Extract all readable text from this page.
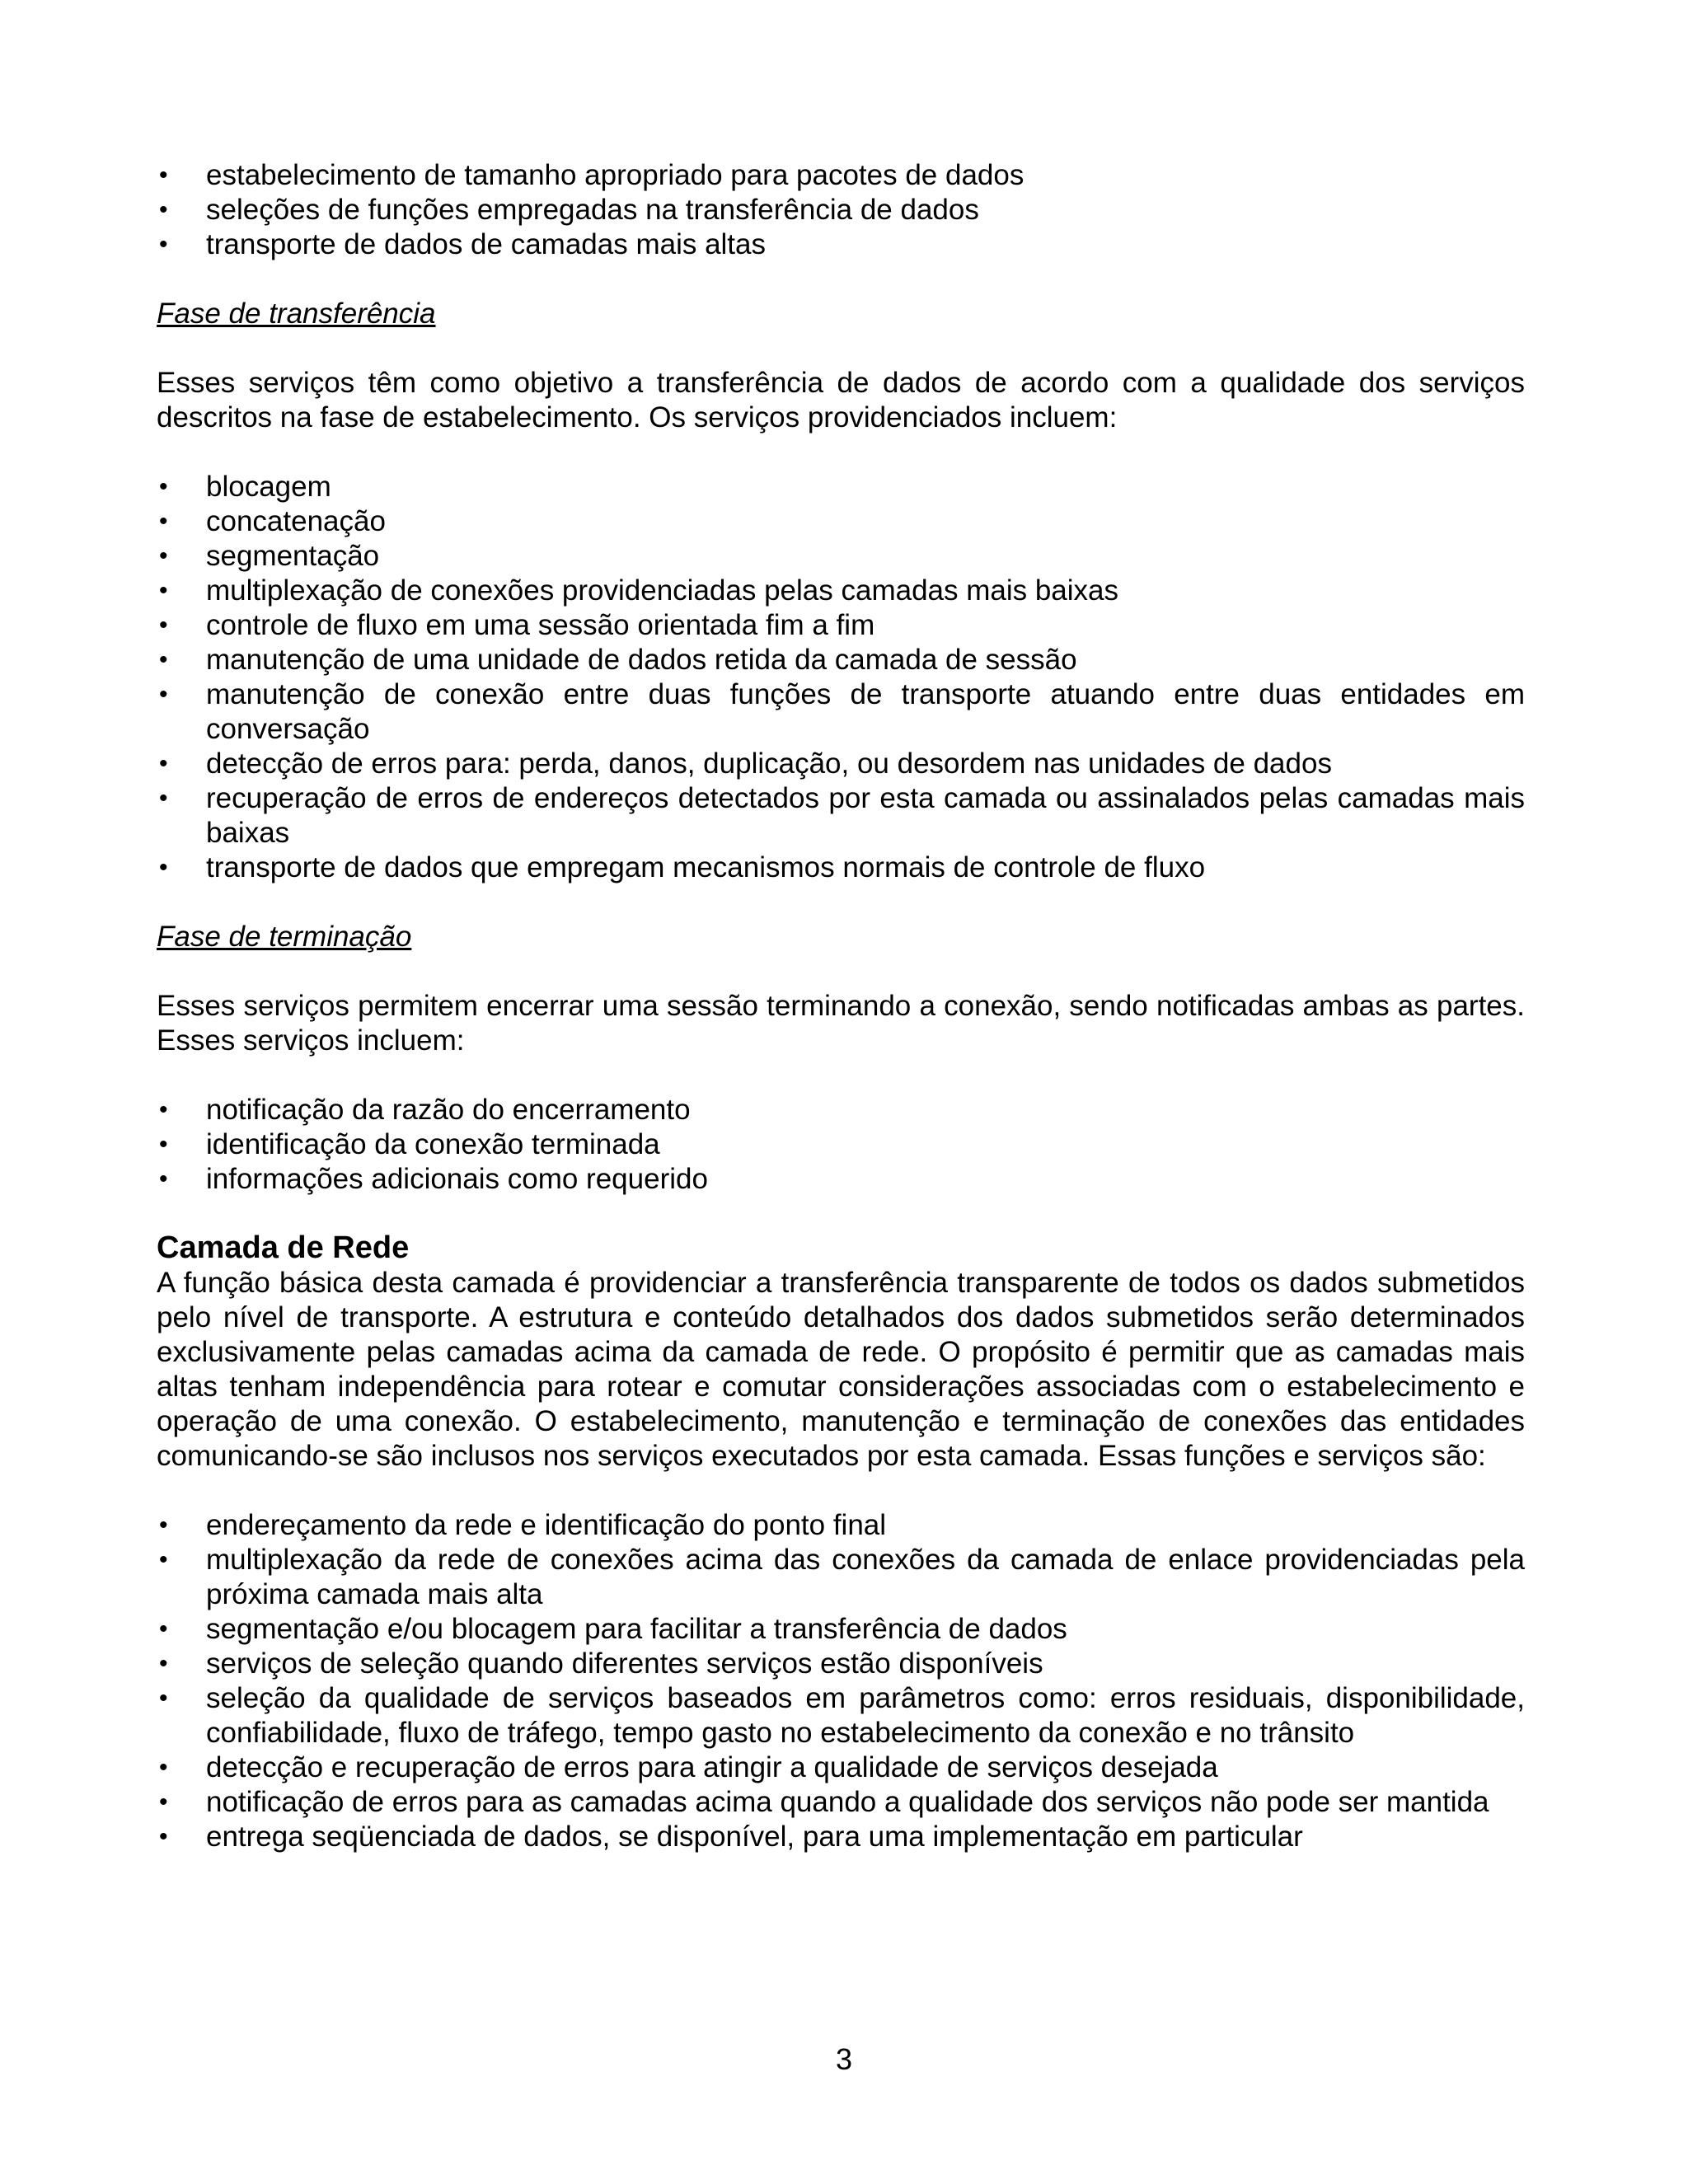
• estabelecimento de tamanho apropriado para pacotes de dados
• seleções de funções empregadas na transferência de dados
• transporte de dados de camadas mais altas

Fase de transferência

Esses serviços têm como objetivo a transferência de dados de acordo com a qualidade dos serviços descritos na fase de estabelecimento. Os serviços providenciados incluem:

• blocagem
• concatenação
• segmentação
• multiplexação de conexões providenciadas pelas camadas mais baixas
• controle de fluxo em uma sessão orientada fim a fim
• manutenção de uma unidade de dados retida da camada de sessão
• manutenção de conexão entre duas funções de transporte atuando entre duas entidades em conversação
• detecção de erros para: perda, danos, duplicação, ou desordem nas unidades de dados
• recuperação de erros de endereços detectados por esta camada ou assinalados pelas camadas mais baixas
• transporte de dados que empregam mecanismos normais de controle de fluxo

Fase de terminação

Esses serviços permitem encerrar uma sessão terminando a conexão, sendo notificadas ambas as partes. Esses serviços incluem:

• notificação da razão do encerramento
• identificação da conexão terminada
• informações adicionais como requerido
Camada de Rede

A função básica desta camada é providenciar a transferência transparente de todos os dados submetidos pelo nível de transporte. A estrutura e conteúdo detalhados dos dados submetidos serão determinados exclusivamente pelas camadas acima da camada de rede. O propósito é permitir que as camadas mais altas tenham independência para rotear e comutar considerações associadas com o estabelecimento e operação de uma conexão. O estabelecimento, manutenção e terminação de conexões das entidades comunicando-se são inclusos nos serviços executados por esta camada. Essas funções e serviços são:

• endereçamento da rede e identificação do ponto final
• multiplexação da rede de conexões acima das conexões da camada de enlace providenciadas pela próxima camada mais alta
• segmentação e/ou blocagem para facilitar a transferência de dados
• serviços de seleção quando diferentes serviços estão disponíveis
• seleção da qualidade de serviços baseados em parâmetros como: erros residuais, disponibilidade, confiabilidade, fluxo de tráfego, tempo gasto no estabelecimento da conexão e no trânsito
• detecção e recuperação de erros para atingir a qualidade de serviços desejada
• notificação de erros para as camadas acima quando a qualidade dos serviços não pode ser mantida
• entrega seqüenciada de dados, se disponível, para uma implementação em particular
3
